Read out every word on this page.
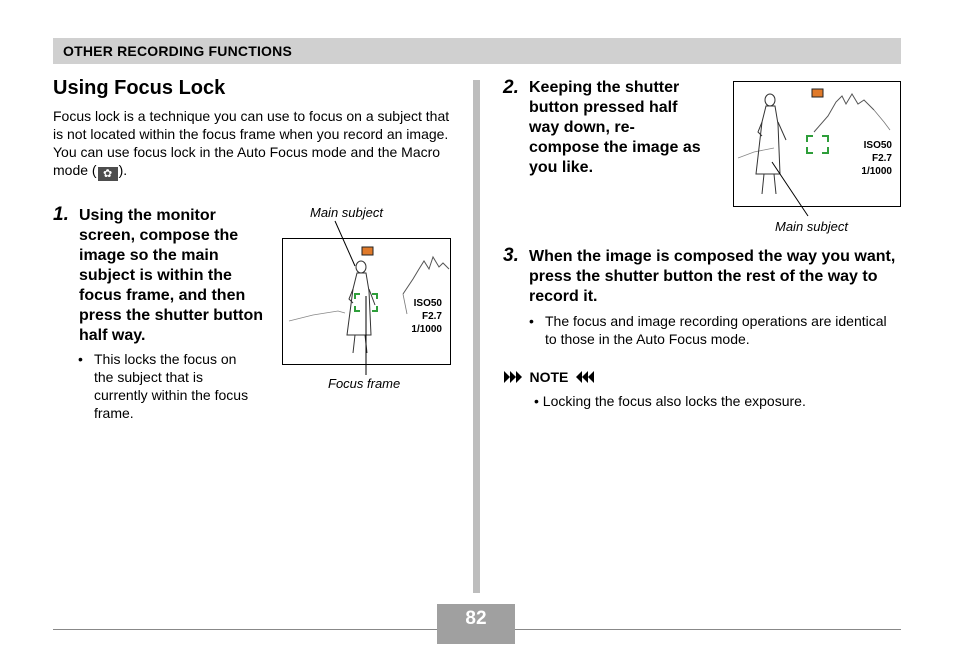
OTHER RECORDING FUNCTIONS
Using Focus Lock
Focus lock is a technique you can use to focus on a subject that is not located within the focus frame when you record an image. You can use focus lock in the Auto Focus mode and the Macro mode ( ✿ ).
1. Using the monitor screen, compose the image so the main subject is within the focus frame, and then press the shutter button half way.
• This locks the focus on the subject that is currently within the focus frame.
Main subject
ISO50
F2.7
1/1000
Focus frame
2. Keeping the shutter button pressed half way down, re-compose the image as you like.
ISO50
F2.7
1/1000
Main subject
3. When the image is composed the way you want, press the shutter button the rest of the way to record it.
• The focus and image recording operations are identical to those in the Auto Focus mode.
NOTE
• Locking the focus also locks the exposure.
82
